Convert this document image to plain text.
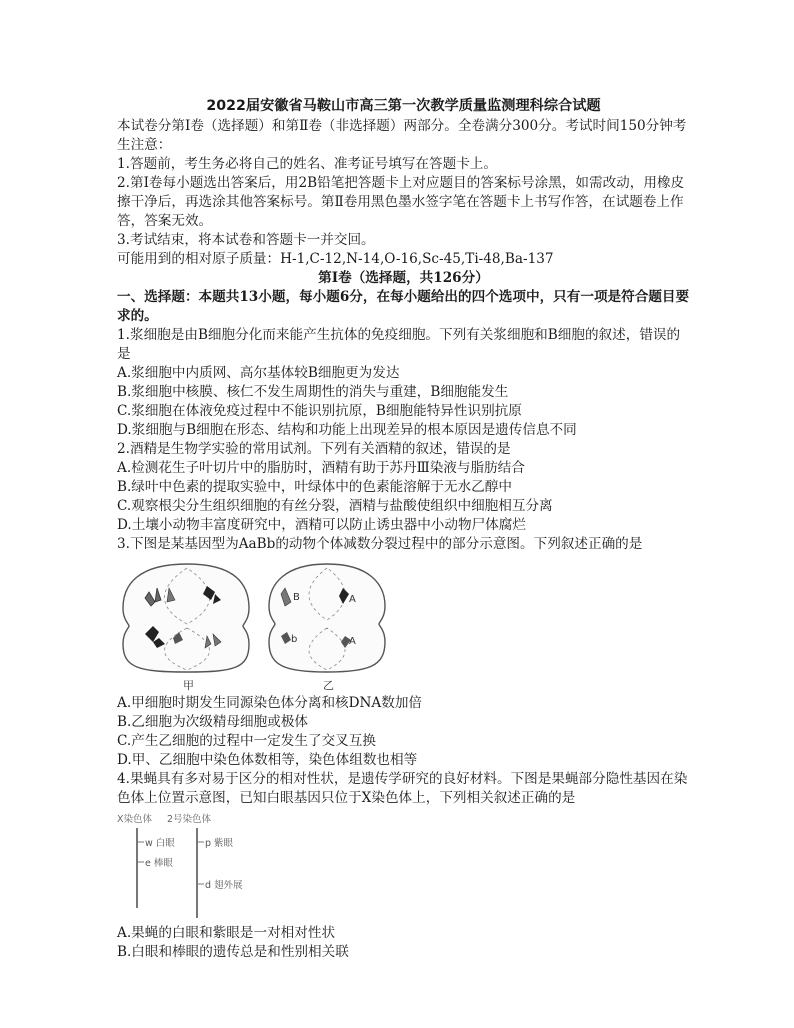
2022届安徽省马鞍山市高三第一次教学质量监测理科综合试题

本试卷分第Ⅰ卷（选择题）和第Ⅱ卷（非选择题）两部分。全卷满分300分。考试时间150分钟考生注意：

1.答题前，考生务必将自己的姓名、准考证号填写在答题卡上。

2.第Ⅰ卷每小题选出答案后，用2B铅笔把答题卡上对应题目的答案标号涂黑，如需改动，用橡皮擦干净后，再选涂其他答案标号。第Ⅱ卷用黑色墨水签字笔在答题卡上书写作答，在试题卷上作答，答案无效。

3.考试结束，将本试卷和答题卡一并交回。

可能用到的相对原子质量：H-1,C-12,N-14,O-16,Sc-45,Ti-48,Ba-137

第Ⅰ卷（选择题，共126分）

一、选择题：本题共13小题，每小题6分，在每小题给出的四个选项中，只有一项是符合题目要求的。

1.浆细胞是由B细胞分化而来能产生抗体的免疫细胞。下列有关浆细胞和B细胞的叙述，错误的是

A.浆细胞中内质网、高尔基体较B细胞更为发达

B.浆细胞中核膜、核仁不发生周期性的消失与重建，B细胞能发生

C.浆细胞在体液免疫过程中不能识别抗原，B细胞能特异性识别抗原

D.浆细胞与B细胞在形态、结构和功能上出现差异的根本原因是遗传信息不同

2.酒精是生物学实验的常用试剂。下列有关酒精的叙述，错误的是

A.检测花生子叶切片中的脂肪时，酒精有助于苏丹Ⅲ染液与脂肪结合

B.绿叶中色素的提取实验中，叶绿体中的色素能溶解于无水乙醇中

C.观察根尖分生组织细胞的有丝分裂，酒精与盐酸使组织中细胞相互分离

D.土壤小动物丰富度研究中，酒精可以防止诱虫器中小动物尸体腐烂

3.下图是某基因型为AaBb的动物个体减数分裂过程中的部分示意图。下列叙述正确的是

B	A
b	A
甲	乙

A.甲细胞时期发生同源染色体分离和核DNA数加倍

B.乙细胞为次级精母细胞或极体

C.产生乙细胞的过程中一定发生了交叉互换

D.甲、乙细胞中染色体数相等，染色体组数也相等

4.果蝇具有多对易于区分的相对性状，是遗传学研究的良好材料。下图是果蝇部分隐性基因在染色体上位置示意图，已知白眼基因只位于X染色体上，下列相关叙述正确的是

X染色体 2号染色体
w 白眼
e 棒眼
p 紫眼
d 翅外展

A.果蝇的白眼和紫眼是一对相对性状

B.白眼和棒眼的遗传总是和性别相关联
